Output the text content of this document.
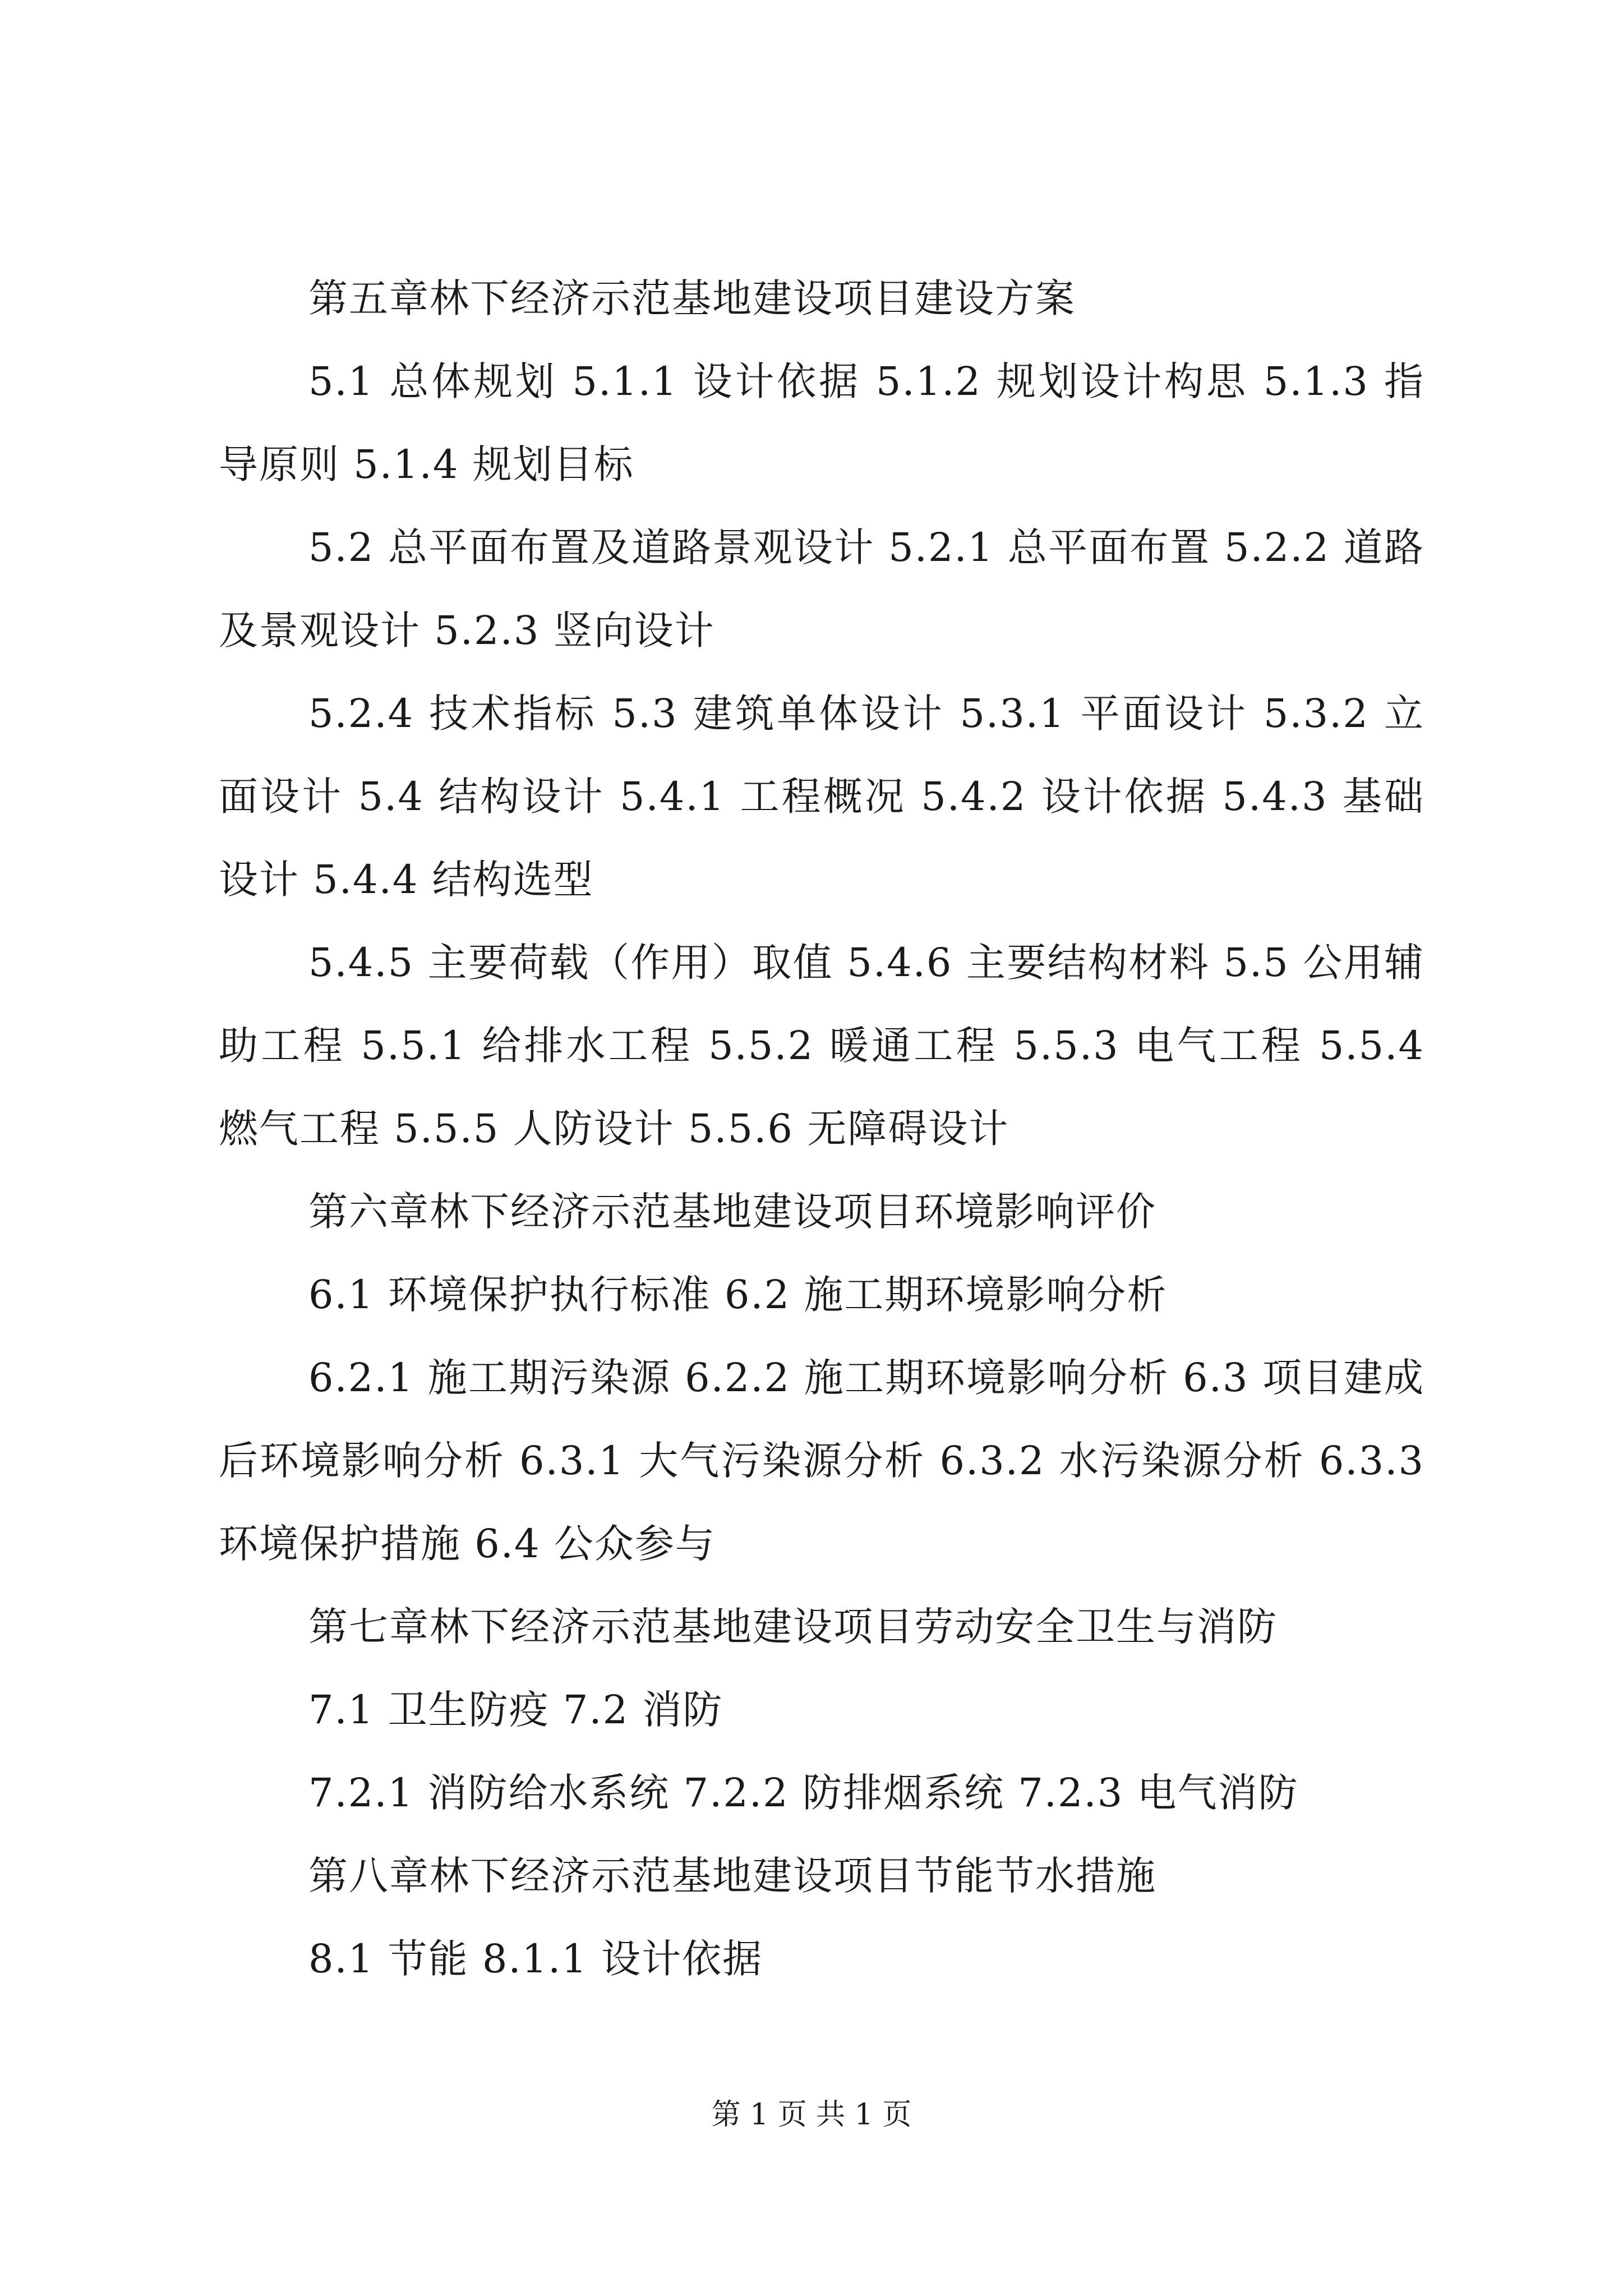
第五章林下经济示范基地建设项目建设方案

5.1 总体规划 5.1.1 设计依据 5.1.2 规划设计构思 5.1.3 指导原则 5.1.4 规划目标

5.2 总平面布置及道路景观设计 5.2.1 总平面布置 5.2.2 道路及景观设计 5.2.3 竖向设计

5.2.4 技术指标 5.3 建筑单体设计 5.3.1 平面设计 5.3.2 立面设计 5.4 结构设计 5.4.1 工程概况 5.4.2 设计依据 5.4.3 基础设计 5.4.4 结构选型

5.4.5 主要荷载（作用）取值 5.4.6 主要结构材料 5.5 公用辅助工程 5.5.1 给排水工程 5.5.2 暖通工程 5.5.3 电气工程 5.5.4 燃气工程 5.5.5 人防设计 5.5.6 无障碍设计

第六章林下经济示范基地建设项目环境影响评价

6.1 环境保护执行标准 6.2 施工期环境影响分析

6.2.1 施工期污染源 6.2.2 施工期环境影响分析 6.3 项目建成后环境影响分析 6.3.1 大气污染源分析 6.3.2 水污染源分析 6.3.3 环境保护措施 6.4 公众参与

第七章林下经济示范基地建设项目劳动安全卫生与消防

7.1 卫生防疫 7.2 消防

7.2.1 消防给水系统 7.2.2 防排烟系统 7.2.3 电气消防

第八章林下经济示范基地建设项目节能节水措施

8.1 节能 8.1.1 设计依据

第 1 页 共 1 页
